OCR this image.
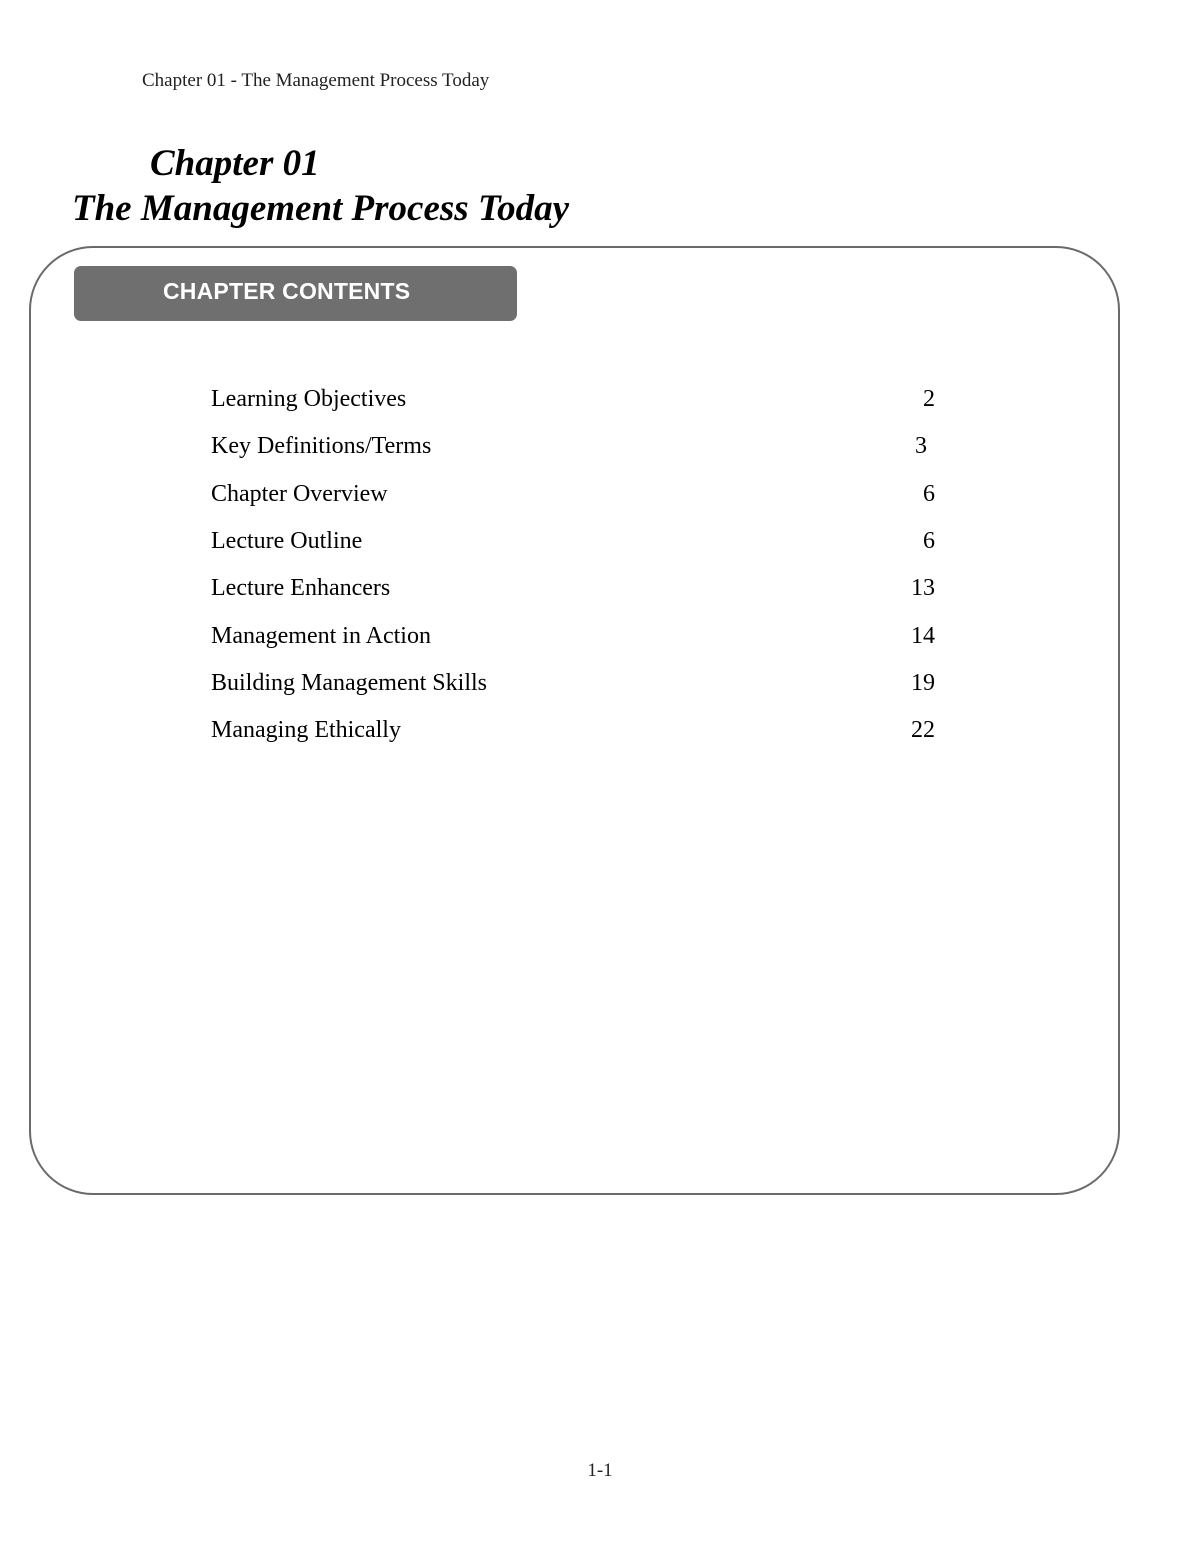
Chapter 01 - The Management Process Today
Chapter 01
The Management Process Today
CHAPTER CONTENTS
Learning Objectives	2
Key Definitions/Terms	3
Chapter Overview	6
Lecture Outline	6
Lecture Enhancers	13
Management in Action	14
Building Management Skills	19
Managing Ethically	22
1-1
